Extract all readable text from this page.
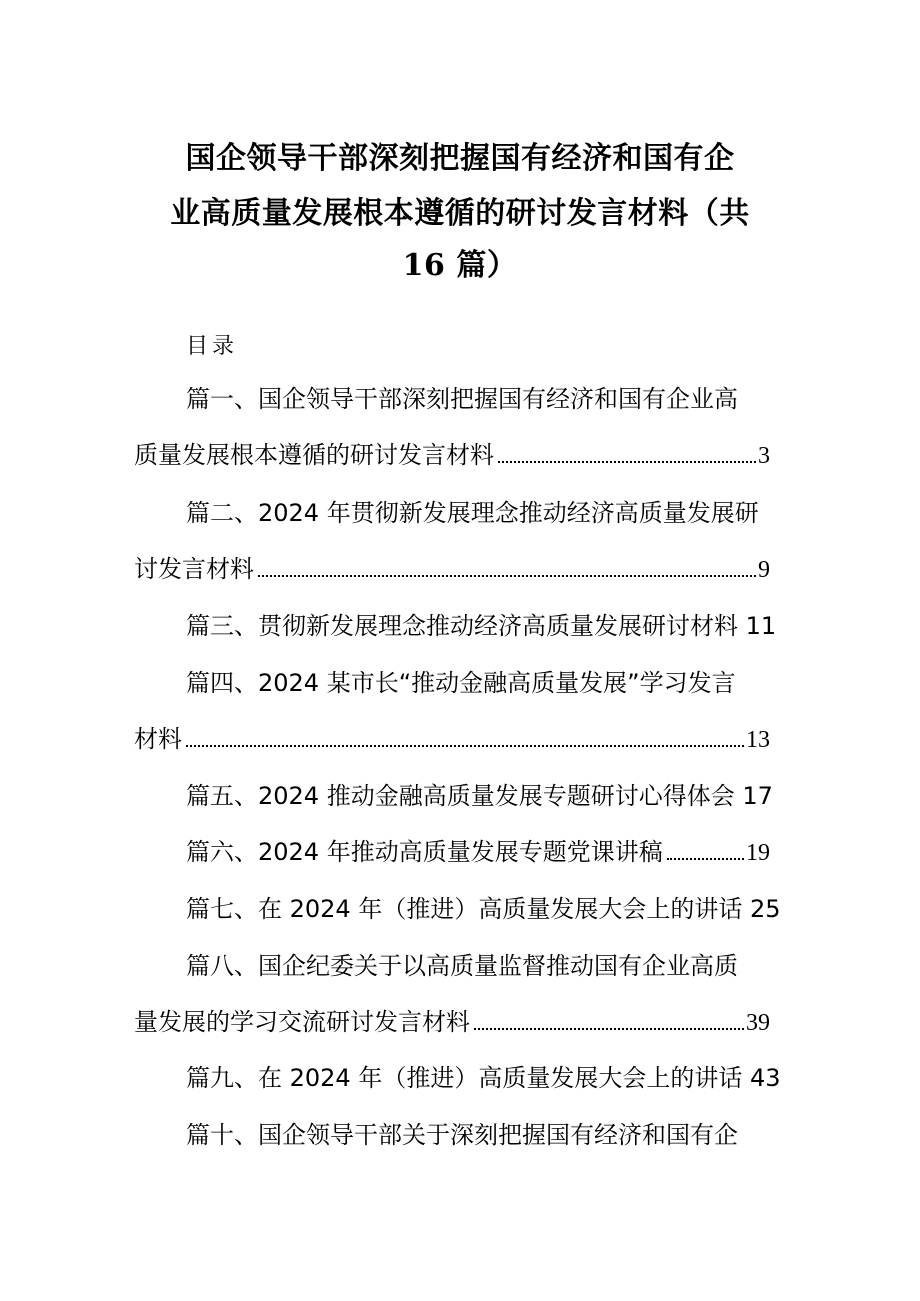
国企领导干部深刻把握国有经济和国有企
业高质量发展根本遵循的研讨发言材料（共
16 篇）
目录
篇一、国企领导干部深刻把握国有经济和国有企业高
质量发展根本遵循的研讨发言材料	3
篇二、2024 年贯彻新发展理念推动经济高质量发展研
讨发言材料	9
篇三、贯彻新发展理念推动经济高质量发展研讨材料 11
篇四、2024 某市长“推动金融高质量发展”学习发言
材料	13
篇五、2024 推动金融高质量发展专题研讨心得体会 17
篇六、2024 年推动高质量发展专题党课讲稿	19
篇七、在 2024 年（推进）高质量发展大会上的讲话 25
篇八、国企纪委关于以高质量监督推动国有企业高质
量发展的学习交流研讨发言材料	39
篇九、在 2024 年（推进）高质量发展大会上的讲话 43
篇十、国企领导干部关于深刻把握国有经济和国有企
